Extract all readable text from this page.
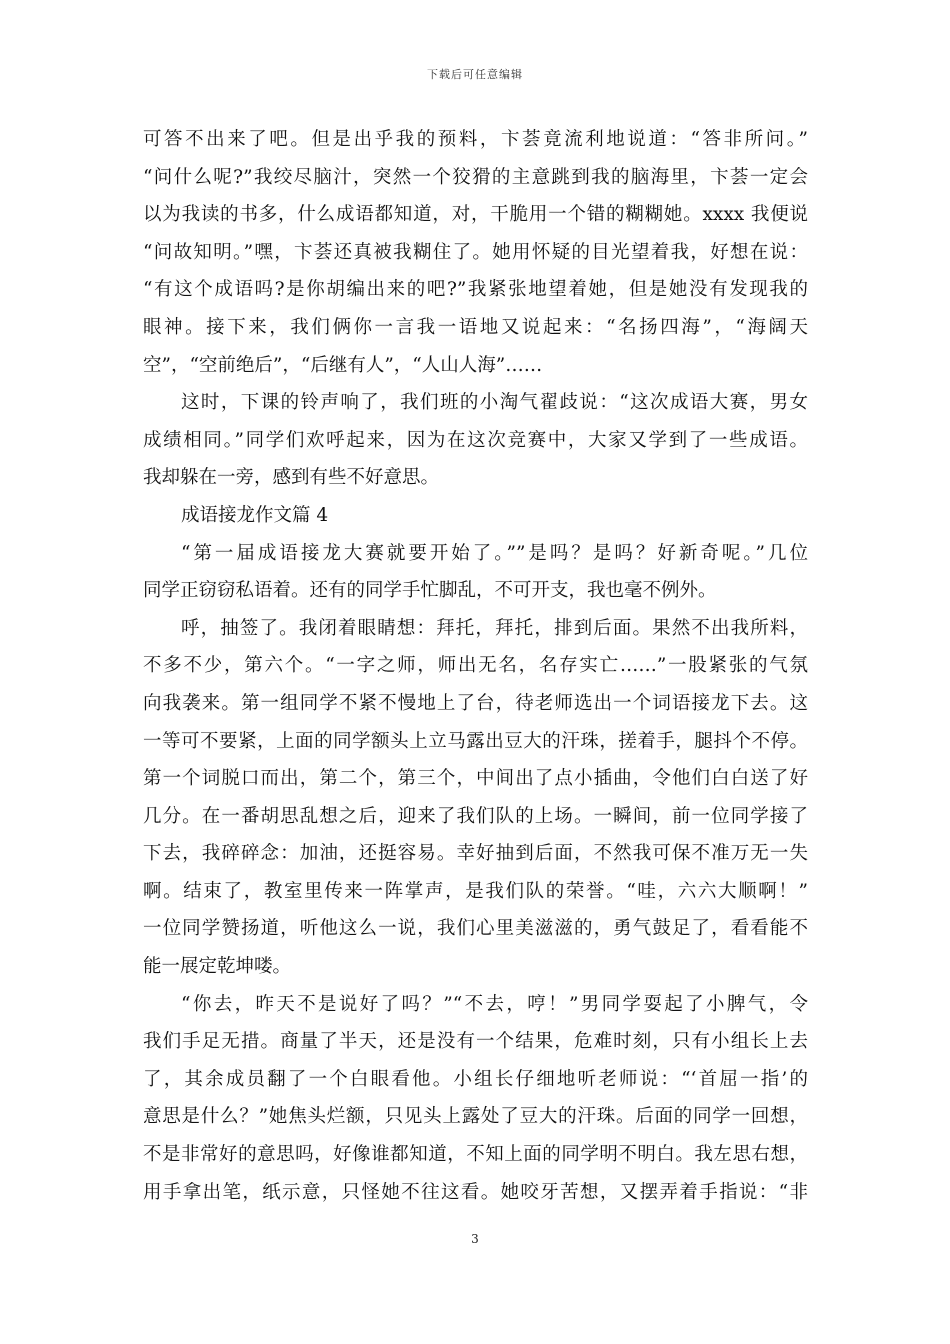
下载后可任意编辑
可答不出来了吧。但是出乎我的预料，卞荟竟流利地说道：“答非所问。”
“问什么呢?”我绞尽脑汁，突然一个狡猾的主意跳到我的脑海里，卞荟一定会
以为我读的书多，什么成语都知道，对，干脆用一个错的糊糊她。xxxx 我便说
“问故知明。”嘿，卞荟还真被我糊住了。她用怀疑的目光望着我，好想在说：
“有这个成语吗?是你胡编出来的吧?”我紧张地望着她，但是她没有发现我的
眼神。接下来，我们俩你一言我一语地又说起来：“名扬四海”，“海阔天
空”，“空前绝后”，“后继有人”，“人山人海”……
这时，下课的铃声响了，我们班的小淘气翟歧说：“这次成语大赛，男女
成绩相同。”同学们欢呼起来，因为在这次竞赛中，大家又学到了一些成语。
我却躲在一旁，感到有些不好意思。
成语接龙作文篇 4
“第一届成语接龙大赛就要开始了。””是吗？是吗？好新奇呢。”几位
同学正窃窃私语着。还有的同学手忙脚乱，不可开支，我也毫不例外。
呼，抽签了。我闭着眼睛想：拜托，拜托，排到后面。果然不出我所料，
不多不少，第六个。“一字之师，师出无名，名存实亡……”一股紧张的气氛
向我袭来。第一组同学不紧不慢地上了台，待老师选出一个词语接龙下去。这
一等可不要紧，上面的同学额头上立马露出豆大的汗珠，搓着手，腿抖个不停。
第一个词脱口而出，第二个，第三个，中间出了点小插曲，令他们白白送了好
几分。在一番胡思乱想之后，迎来了我们队的上场。一瞬间，前一位同学接了
下去，我碎碎念：加油，还挺容易。幸好抽到后面，不然我可保不准万无一失
啊。结束了，教室里传来一阵掌声，是我们队的荣誉。“哇，六六大顺啊！”
一位同学赞扬道，听他这么一说，我们心里美滋滋的，勇气鼓足了，看看能不
能一展定乾坤喽。
“你去，昨天不是说好了吗？”“不去，哼！”男同学耍起了小脾气，令
我们手足无措。商量了半天，还是没有一个结果，危难时刻，只有小组长上去
了，其余成员翻了一个白眼看他。小组长仔细地听老师说：“‘首屈一指’的
意思是什么？”她焦头烂额，只见头上露处了豆大的汗珠。后面的同学一回想，
不是非常好的意思吗，好像谁都知道，不知上面的同学明不明白。我左思右想，
用手拿出笔，纸示意，只怪她不往这看。她咬牙苦想，又摆弄着手指说：“非
3
